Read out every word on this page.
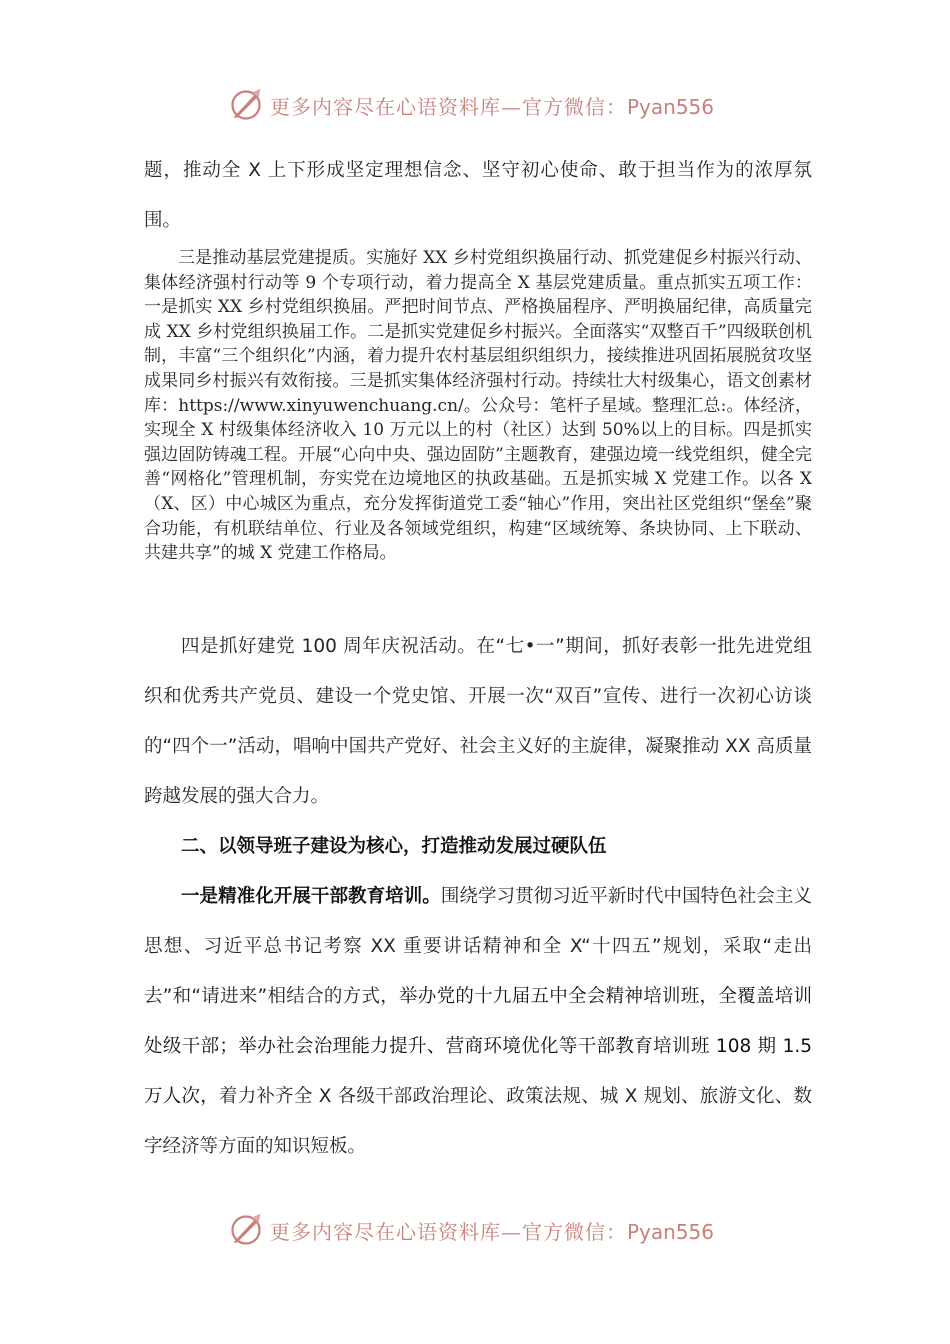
更多内容尽在心语资料库—官方微信：Pyan556

题，推动全 X 上下形成坚定理想信念、坚守初心使命、敢于担当作为的浓厚氛围。

三是推动基层党建提质。实施好 XX 乡村党组织换届行动、抓党建促乡村振兴行动、集体经济强村行动等 9 个专项行动，着力提高全 X 基层党建质量。重点抓实五项工作：一是抓实 XX 乡村党组织换届。严把时间节点、严格换届程序、严明换届纪律，高质量完成 XX 乡村党组织换届工作。二是抓实党建促乡村振兴。全面落实“双整百千”四级联创机制，丰富“三个组织化”内涵，着力提升农村基层组织组织力，接续推进巩固拓展脱贫攻坚成果同乡村振兴有效衔接。三是抓实集体经济强村行动。持续壮大村级集心，语文创素材库：https://www.xinyuwenchuang.cn/。公众号：笔杆子星域。整理汇总:。体经济，实现全 X 村级集体经济收入 10 万元以上的村（社区）达到 50%以上的目标。四是抓实强边固防铸魂工程。开展“心向中央、强边固防”主题教育，建强边境一线党组织，健全完善“网格化”管理机制，夯实党在边境地区的执政基础。五是抓实城 X 党建工作。以各 X（X、区）中心城区为重点，充分发挥街道党工委“轴心”作用，突出社区党组织“堡垒”聚合功能，有机联结单位、行业及各领域党组织，构建“区域统筹、条块协同、上下联动、共建共享”的城 X 党建工作格局。

四是抓好建党 100 周年庆祝活动。在“七•一”期间，抓好表彰一批先进党组织和优秀共产党员、建设一个党史馆、开展一次“双百”宣传、进行一次初心访谈的“四个一”活动，唱响中国共产党好、社会主义好的主旋律，凝聚推动 XX 高质量跨越发展的强大合力。

二、以领导班子建设为核心，打造推动发展过硬队伍

一是精准化开展干部教育培训。围绕学习贯彻习近平新时代中国特色社会主义思想、习近平总书记考察 XX 重要讲话精神和全 X“十四五”规划，采取“走出去”和“请进来”相结合的方式，举办党的十九届五中全会精神培训班，全覆盖培训处级干部；举办社会治理能力提升、营商环境优化等干部教育培训班 108 期 1.5 万人次，着力补齐全 X 各级干部政治理论、政策法规、城 X 规划、旅游文化、数字经济等方面的知识短板。

更多内容尽在心语资料库—官方微信：Pyan556
